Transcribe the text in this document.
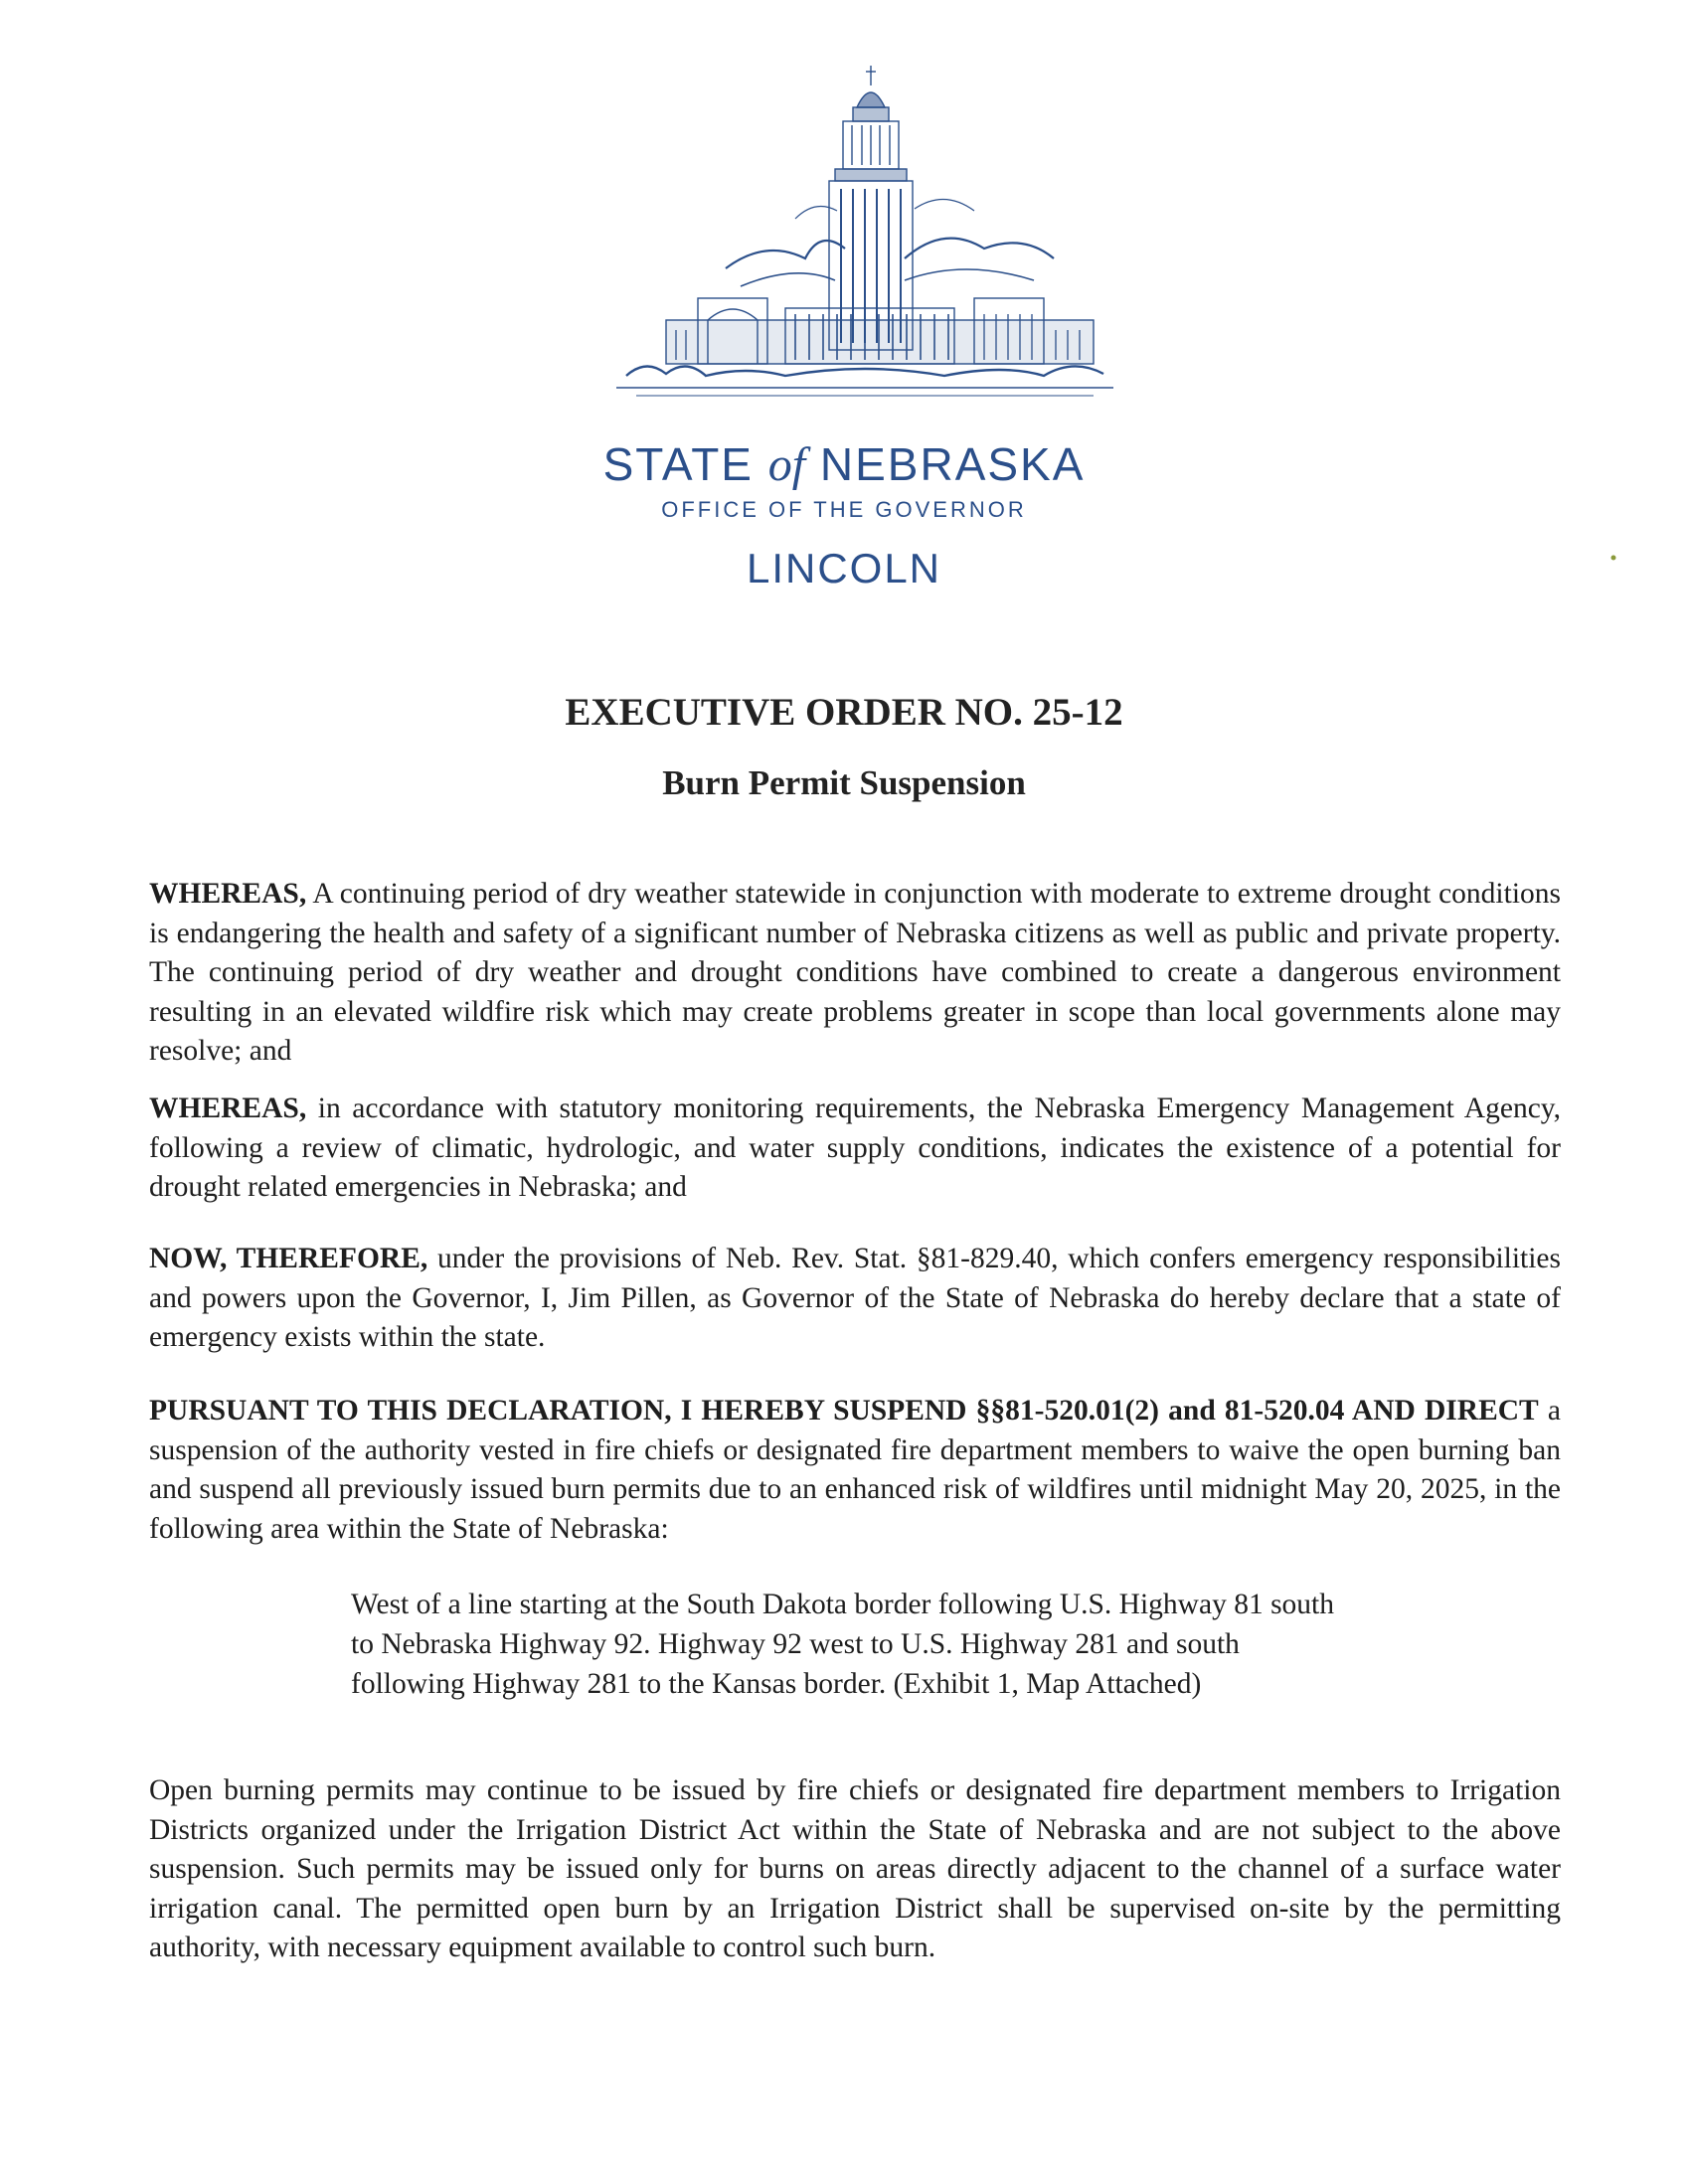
STATE of NEBRASKA
OFFICE OF THE GOVERNOR
LINCOLN
EXECUTIVE ORDER NO. 25-12
Burn Permit Suspension
WHEREAS, A continuing period of dry weather statewide in conjunction with moderate to extreme drought conditions is endangering the health and safety of a significant number of Nebraska citizens as well as public and private property. The continuing period of dry weather and drought conditions have combined to create a dangerous environment resulting in an elevated wildfire risk which may create problems greater in scope than local governments alone may resolve; and
WHEREAS, in accordance with statutory monitoring requirements, the Nebraska Emergency Management Agency, following a review of climatic, hydrologic, and water supply conditions, indicates the existence of a potential for drought related emergencies in Nebraska; and
NOW, THEREFORE, under the provisions of Neb. Rev. Stat. §81-829.40, which confers emergency responsibilities and powers upon the Governor, I, Jim Pillen, as Governor of the State of Nebraska do hereby declare that a state of emergency exists within the state.
PURSUANT TO THIS DECLARATION, I HEREBY SUSPEND §§81-520.01(2) and 81-520.04 AND DIRECT a suspension of the authority vested in fire chiefs or designated fire department members to waive the open burning ban and suspend all previously issued burn permits due to an enhanced risk of wildfires until midnight May 20, 2025, in the following area within the State of Nebraska:
West of a line starting at the South Dakota border following U.S. Highway 81 south to Nebraska Highway 92. Highway 92 west to U.S. Highway 281 and south following Highway 281 to the Kansas border. (Exhibit 1, Map Attached)
Open burning permits may continue to be issued by fire chiefs or designated fire department members to Irrigation Districts organized under the Irrigation District Act within the State of Nebraska and are not subject to the above suspension. Such permits may be issued only for burns on areas directly adjacent to the channel of a surface water irrigation canal. The permitted open burn by an Irrigation District shall be supervised on-site by the permitting authority, with necessary equipment available to control such burn.
